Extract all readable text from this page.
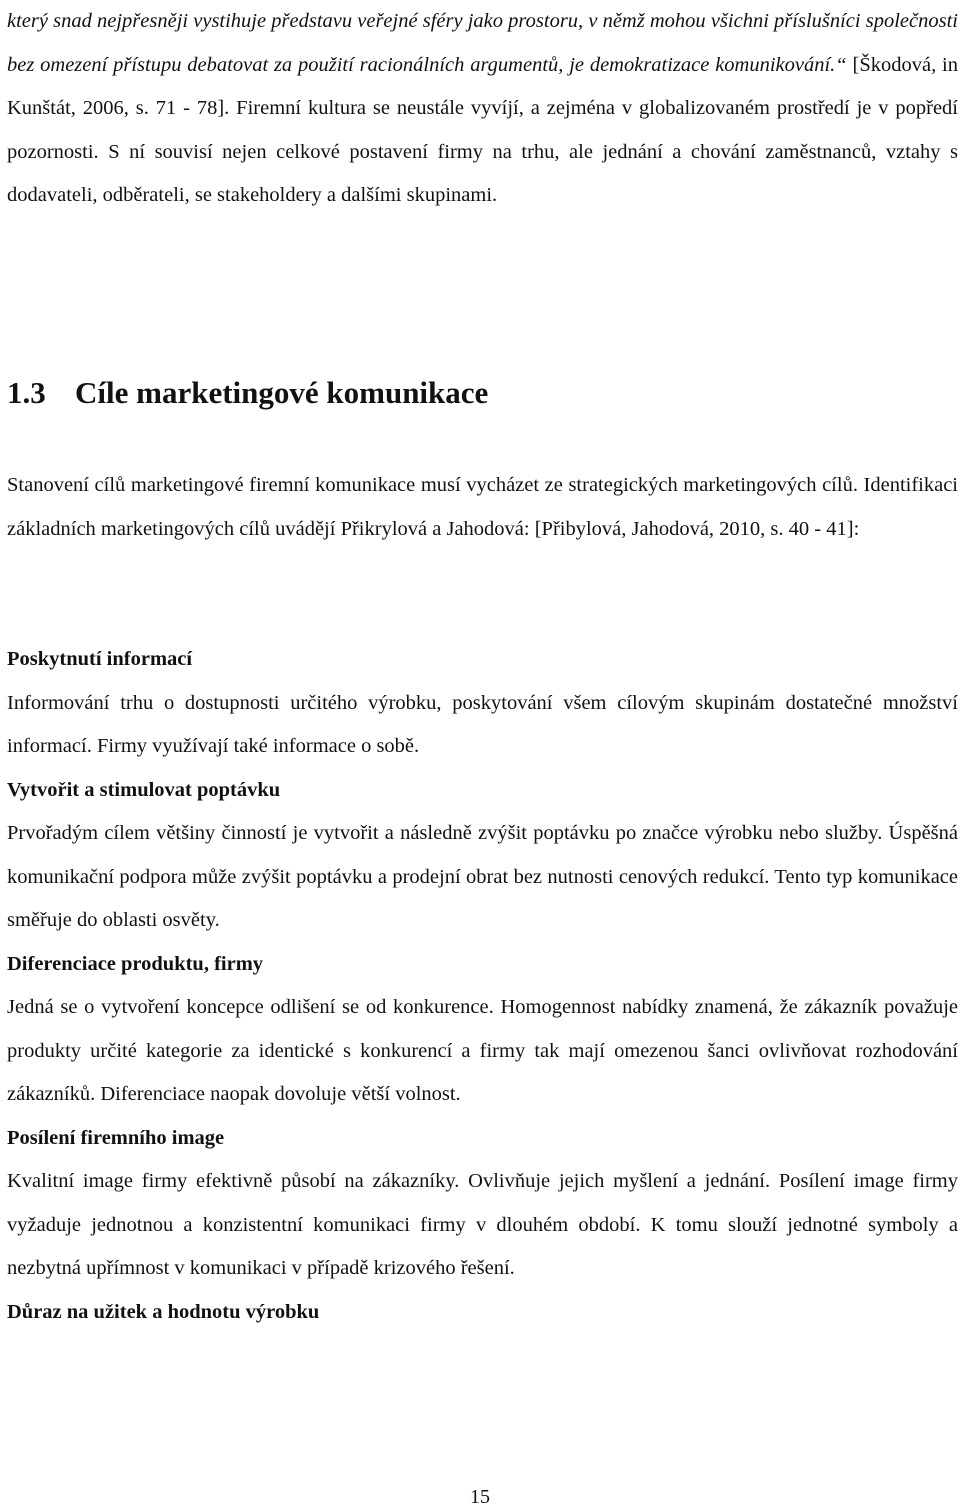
který snad nejpřesněji vystihuje představu veřejné sféry jako prostoru, v němž mohou všichni příslušníci společnosti bez omezení přístupu debatovat za použití racionálních argumentů, je demokratizace komunikování.“ [Škodová, in Kunštát, 2006, s. 71 - 78]. Firemní kultura se neustále vyvíjí, a zejména v globalizovaném prostředí je v popředí pozornosti. S ní souvisí nejen celkové postavení firmy na trhu, ale jednání a chování zaměstnanců, vztahy s dodavateli, odběrateli, se stakeholdery a dalšími skupinami.

1.3 Cíle marketingové komunikace

Stanovení cílů marketingové firemní komunikace musí vycházet ze strategických marketingových cílů. Identifikaci základních marketingových cílů uvádějí Přikrylová a Jahodová: [Přibylová, Jahodová, 2010, s. 40 - 41]:

Poskytnutí informací

Informování trhu o dostupnosti určitého výrobku, poskytování všem cílovým skupinám dostatečné množství informací. Firmy využívají také informace o sobě.

Vytvořit a stimulovat poptávku

Prvořadým cílem většiny činností je vytvořit a následně zvýšit poptávku po značce výrobku nebo služby. Úspěšná komunikační podpora může zvýšit poptávku a prodejní obrat bez nutnosti cenových redukcí. Tento typ komunikace směřuje do oblasti osvěty.

Diferenciace produktu, firmy

Jedná se o vytvoření koncepce odlišení se od konkurence. Homogennost nabídky znamená, že zákazník považuje produkty určité kategorie za identické s konkurencí a firmy tak mají omezenou šanci ovlivňovat rozhodování zákazníků. Diferenciace naopak dovoluje větší volnost.

Posílení firemního image

Kvalitní image firmy efektivně působí na zákazníky. Ovlivňuje jejich myšlení a jednání. Posílení image firmy vyžaduje jednotnou a konzistentní komunikaci firmy v dlouhém období. K tomu slouží jednotné symboly a nezbytná upřímnost v komunikaci v případě krizového řešení.

Důraz na užitek a hodnotu výrobku
15
